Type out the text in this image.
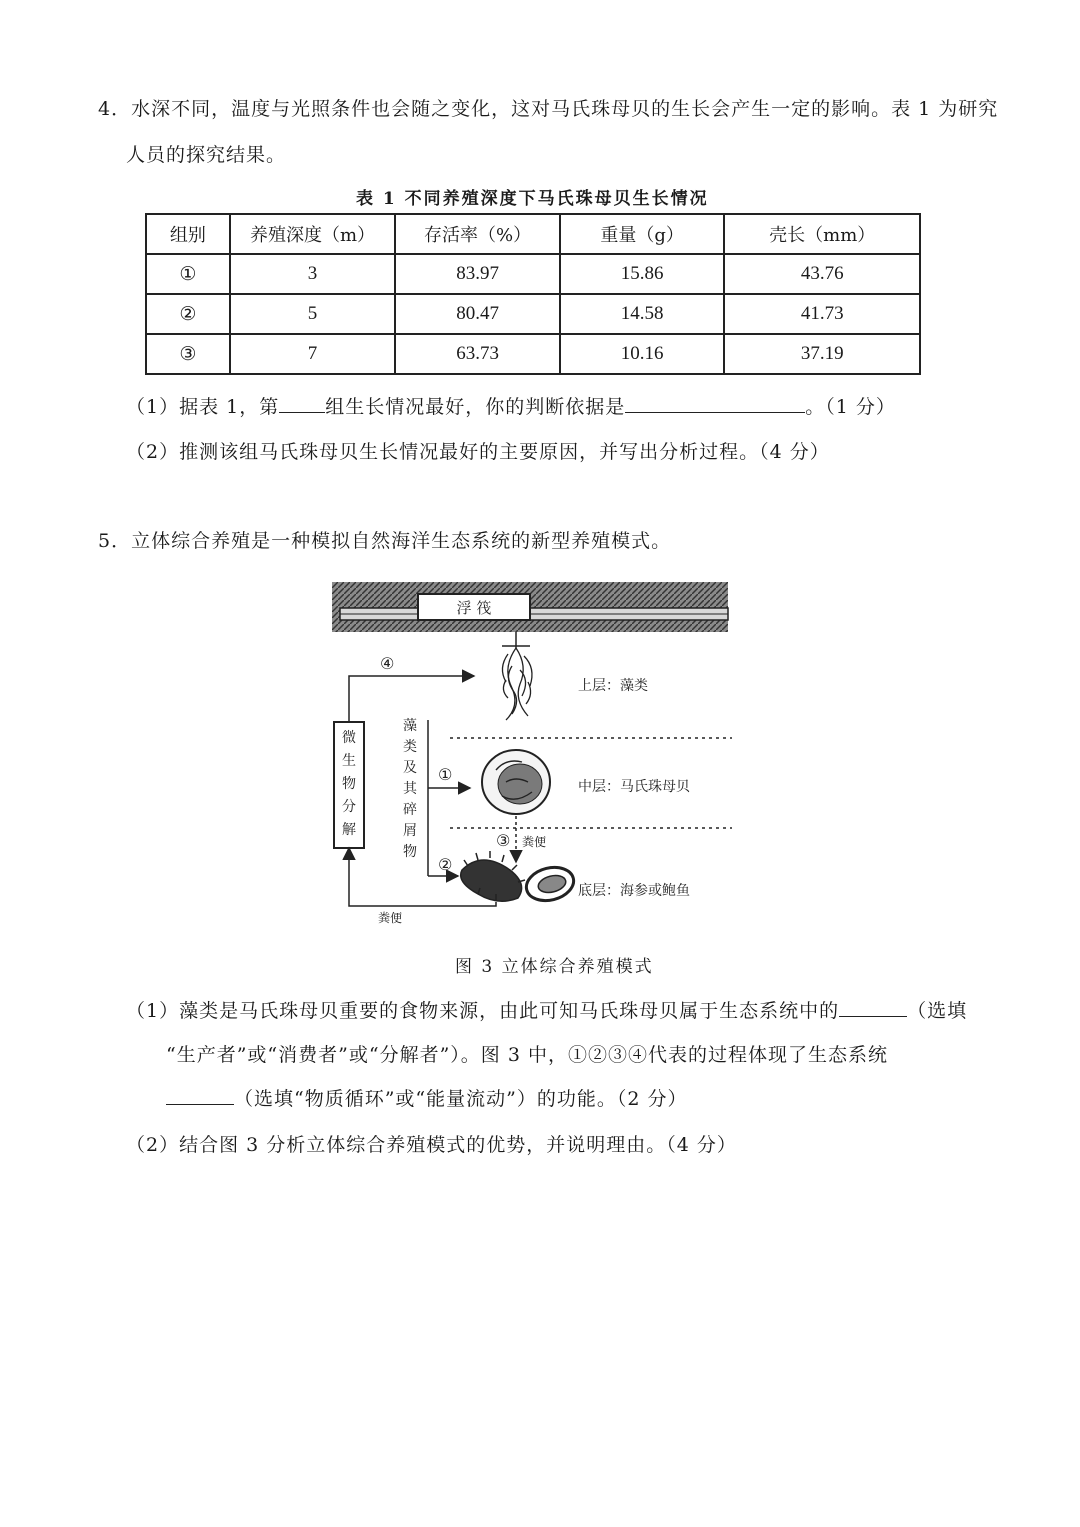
4．水深不同，温度与光照条件也会随之变化，这对马氏珠母贝的生长会产生一定的影响。表 1 为研究
人员的探究结果。
表 1 不同养殖深度下马氏珠母贝生长情况
组别	养殖深度（m）	存活率（%）	重量（g）	壳长（mm）
①	3	83.97	15.86	43.76
②	5	80.47	14.58	41.73
③	7	63.73	10.16	37.19
（1）据表 1，第 组生长情况最好，你的判断依据是	。（1 分）
（2）推测该组马氏珠母贝生长情况最好的主要原因，并写出分析过程。（4 分）
5．立体综合养殖是一种模拟自然海洋生态系统的新型养殖模式。
浮 筏
上层：藻类
中层：马氏珠母贝
底层：海参或鲍鱼
微
生
物
分
解
藻
类
及
其
碎
屑
物
④
①
②
③ 粪便
粪便
图 3 立体综合养殖模式
（1）藻类是马氏珠母贝重要的食物来源，由此可知马氏珠母贝属于生态系统中的	（选填
“生产者”或“消费者”或“分解者”）。图 3 中，①②③④代表的过程体现了生态系统
（选填“物质循环”或“能量流动”）的功能。（2 分）
（2）结合图 3 分析立体综合养殖模式的优势，并说明理由。（4 分）
